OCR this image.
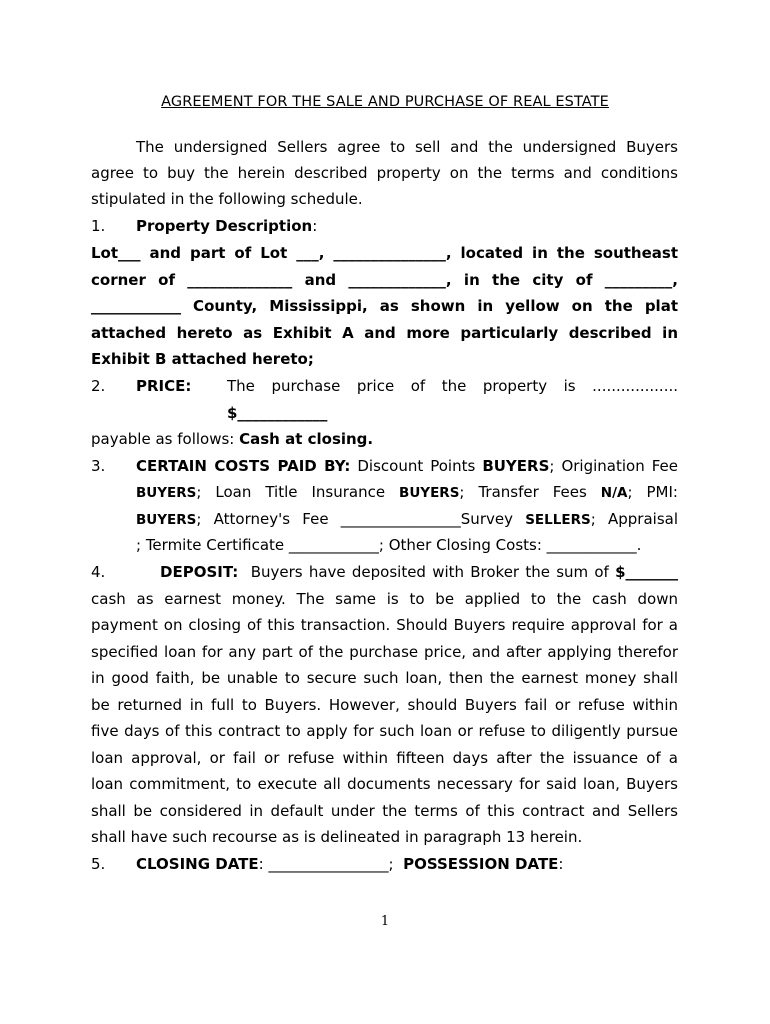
AGREEMENT FOR THE SALE AND PURCHASE OF REAL ESTATE
The undersigned Sellers agree to sell and the undersigned Buyers
agree to buy the herein described property on the terms and conditions
stipulated in the following schedule.
1. Property Description:
Lot___ and part of Lot ___, _______________, located in the southeast
corner of ______________ and _____________, in the city of _________,
____________ County, Mississippi, as shown in yellow on the plat
attached hereto as Exhibit A and more particularly described in
Exhibit B attached hereto;
2. PRICE: The purchase price of the property is ..................
$____________
payable as follows: Cash at closing.
3. CERTAIN COSTS PAID BY: Discount Points BUYERS; Origination Fee
BUYERS; Loan Title Insurance BUYERS; Transfer Fees N/A; PMI:
BUYERS; Attorney's Fee ________________Survey SELLERS; Appraisal
; Termite Certificate ____________; Other Closing Costs: ____________.
4.	DEPOSIT: Buyers have deposited with Broker the sum of $_______
cash as earnest money. The same is to be applied to the cash down
payment on closing of this transaction. Should Buyers require approval for a
specified loan for any part of the purchase price, and after applying therefor
in good faith, be unable to secure such loan, then the earnest money shall
be returned in full to Buyers. However, should Buyers fail or refuse within
five days of this contract to apply for such loan or refuse to diligently pursue
loan approval, or fail or refuse within fifteen days after the issuance of a
loan commitment, to execute all documents necessary for said loan, Buyers
shall be considered in default under the terms of this contract and Sellers
shall have such recourse as is delineated in paragraph 13 herein.
5. CLOSING DATE: ________________; POSSESSION DATE:
1
